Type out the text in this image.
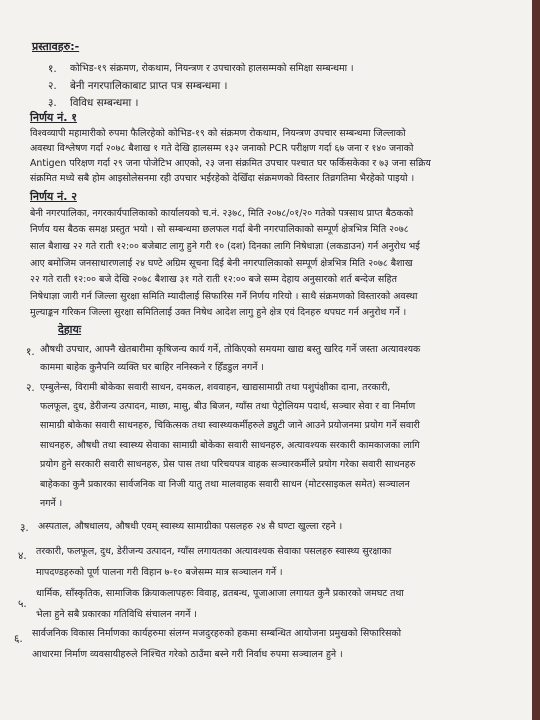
प्रस्तावहरु:-
१. कोभिड-१९ संक्रमण, रोकथाम, नियन्त्रण र उपचारको हालसम्मको समिक्षा सम्बन्धमा ।
२. बेनी नगरपालिकाबाट प्राप्त पत्र सम्बन्धमा ।
३. विविध सम्बन्धमा ।
निर्णय नं. १
विश्वव्यापी महामारीको रुपमा फैलिरहेको कोभिड-१९ को संक्रमण रोकथाम, नियन्त्रण उपचार सम्बन्धमा जिल्लाको
अवस्था विश्लेषण गर्दा २०७८ बैशाख १ गते देखि हालसम्म १३२ जनाको PCR परीक्षण गर्दा ६७ जना र १४० जनाको
Antigen परिक्षण गर्दा २९ जना पोजेटिभ आएको, २३ जना संक्रमित उपचार पश्चात घर फर्किसकेका र ७३ जना सक्रिय
संक्रमित मध्ये सबै होम आइसोलेसनमा रही उपचार भईरहेको देखिँदा संक्रमणको विस्तार तिव्रगतिमा भैरहेको पाइयो ।
निर्णय नं. २
बेनी नगरपालिका, नगरकार्यपालिकाको कार्यालयको च.नं. २३७८, मिति २०७८/०१/२० गतेको पत्रसाथ प्राप्त बैठकको
निर्णय यस बैठक समक्ष प्रस्तुत भयो । सो सम्बन्धमा छलफल गर्दा बेनी नगरपालिकाको सम्पूर्ण क्षेत्रभित्र मिति २०७८
साल बैशाख २२ गते राती १२:०० बजेबाट लागु हुने गरी १० (दश) दिनका लागि निषेधाज्ञा (लकडाउन) गर्न अनुरोध भई
आए बमोजिम जनसाधारणलाई २४ घण्टे अग्रिम सूचना दिई बेनी नगरपालिकाको सम्पूर्ण क्षेत्रभित्र मिति २०७८ बैशाख
२२ गते राती १२:०० बजे देखि २०७८ बैशाख ३१ गते राती १२:०० बजे सम्म देहाय अनुसारको शर्त बन्देज सहित
निषेधाज्ञा जारी गर्न जिल्ला सुरक्षा समिति म्यादीलाई सिफारिस गर्ने निर्णय गरियो । साथै संक्रमणको विस्तारको अवस्था
मुल्याङ्कन गरिकन जिल्ला सुरक्षा समितिलाई उक्त निषेध आदेश लागु हुने क्षेत्र एवं दिनहरु थपघट गर्न अनुरोध गर्ने ।
देहायः
१. औषधी उपचार, आफ्नै खेतबारीमा कृषिजन्य कार्य गर्ने, तोकिएको समयमा खाद्य बस्तु खरिद गर्ने जस्ता अत्यावश्यक
काममा बाहेक कुनैपनि व्यक्ति घर बाहिर ननिस्कने र हिँडडुल नगर्ने ।
२. एम्बुलेन्स, विरामी बोकेका सवारी साधन, दमकल, शववाहन, खाद्यसामाग्री तथा पशुपंक्षीका दाना, तरकारी,
फलफूल, दुध, डेरीजन्य उत्पादन, माछा, मासु, बीउ बिजन, ग्याँस तथा पेट्रोलियम पदार्थ, सञ्चार सेवा र वा निर्माण
सामाग्री बोकेका सवारी साधनहरु, चिकित्सक तथा स्वास्थ्यकर्मीहरुले ड्युटी जाने आउने प्रयोजनमा प्रयोग गर्ने सवारी
साधनहरु, औषधी तथा स्वास्थ्य सेवाका सामाग्री बोकेका सवारी साधनहरु, अत्यावश्यक सरकारी कामकाजका लागि
प्रयोग हुने सरकारी सवारी साधनहरु, प्रेस पास तथा परिचयपत्र वाहक सञ्चारकर्मीले प्रयोग गरेका सवारी साधनहरु
बाहेकका कुनै प्रकारका सार्वजनिक वा निजी यातु तथा मालवाहक सवारी साधन (मोटरसाइकल समेत) सञ्चालन
नगर्ने ।
३. अस्पताल, औषधालय, औषधी एवम् स्वास्थ्य सामाग्रीका पसलहरु २४ सै घण्टा खुल्ला रहने ।
४. तरकारी, फलफूल, दुध, डेरीजन्य उत्पादन, ग्याँस लगायतका अत्यावश्यक सेवाका पसलहरु स्वास्थ्य सुरक्षाका
मापदण्डहरुको पूर्ण पालना गरी विहान ७-१० बजेसम्म मात्र सञ्चालन गर्ने ।
५.
धार्मिक, साँस्कृतिक, सामाजिक क्रियाकलापहरुः विवाह, व्रतबन्ध, पूजाआजा लगायत कुनै प्रकारको जमघट तथा
भेला हुने सबै प्रकारका गतिविधि संचालन नगर्ने ।
६. सार्वजनिक विकास निर्माणका कार्यहरुमा संलग्न मजदुरहरुको हकमा सम्बन्धित आयोजना प्रमुखको सिफारिसको
आधारमा निर्माण व्यवसायीहरुले निश्चित गरेको ठाउँमा बस्ने गरी निर्वाध रुपमा सञ्चालन हुने ।
